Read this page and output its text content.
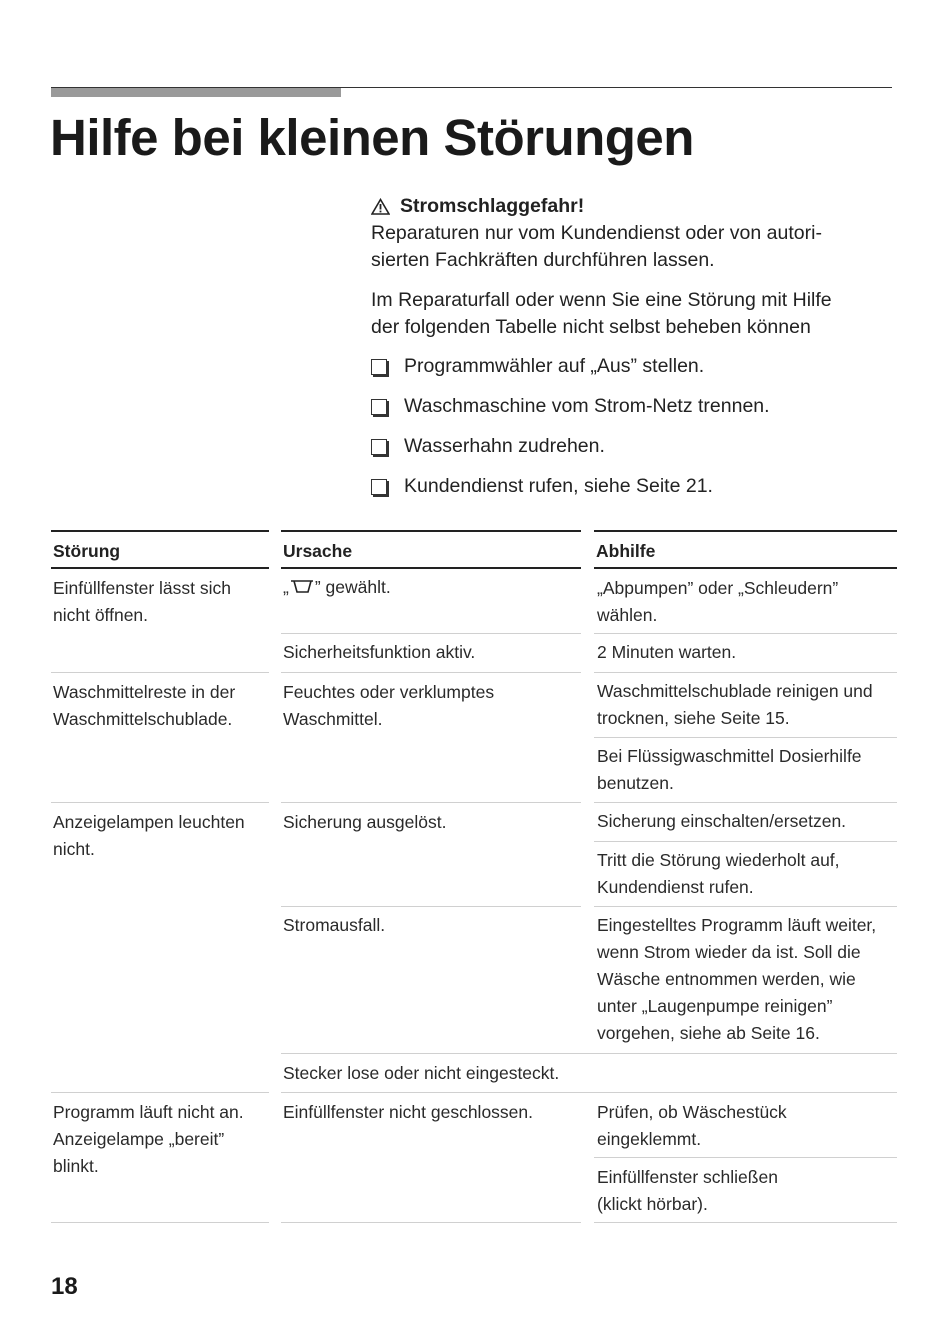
Hilfe bei kleinen Störungen
Stromschlaggefahr!

Reparaturen nur vom Kundendienst oder von autori-
sierten Fachkräften durchführen lassen.

Im Reparaturfall oder wenn Sie eine Störung mit Hilfe
der folgenden Tabelle nicht selbst beheben können

Programmwähler auf „Aus” stellen.
Waschmaschine vom Strom-Netz trennen.
Wasserhahn zudrehen.
Kundendienst rufen, siehe Seite 21.
Störung	Ursache	Abhilfe
Einfüllfenster lässt sich
nicht öffnen.
Waschmittelreste in der
Waschmittelschublade.
Anzeigelampen leuchten
nicht.
Programm läuft nicht an.
Anzeigelampe „bereit”
blinkt.
„ ” gewählt.
Sicherheitsfunktion aktiv.
Feuchtes oder verklumptes
Waschmittel.
Sicherung ausgelöst.
Stromausfall.
Stecker lose oder nicht eingesteckt.
Einfüllfenster nicht geschlossen.
„Abpumpen” oder „Schleudern”
wählen.
2 Minuten warten.
Waschmittelschublade reinigen und
trocknen, siehe Seite 15.
Bei Flüssigwaschmittel Dosierhilfe
benutzen.
Sicherung einschalten/ersetzen.
Tritt die Störung wiederholt auf,
Kundendienst rufen.
Eingestelltes Programm läuft weiter,
wenn Strom wieder da ist. Soll die
Wäsche entnommen werden, wie
unter „Laugenpumpe reinigen”
vorgehen, siehe ab Seite 16.
Prüfen, ob Wäschestück
eingeklemmt.
Einfüllfenster schließen
(klickt hörbar).
18
